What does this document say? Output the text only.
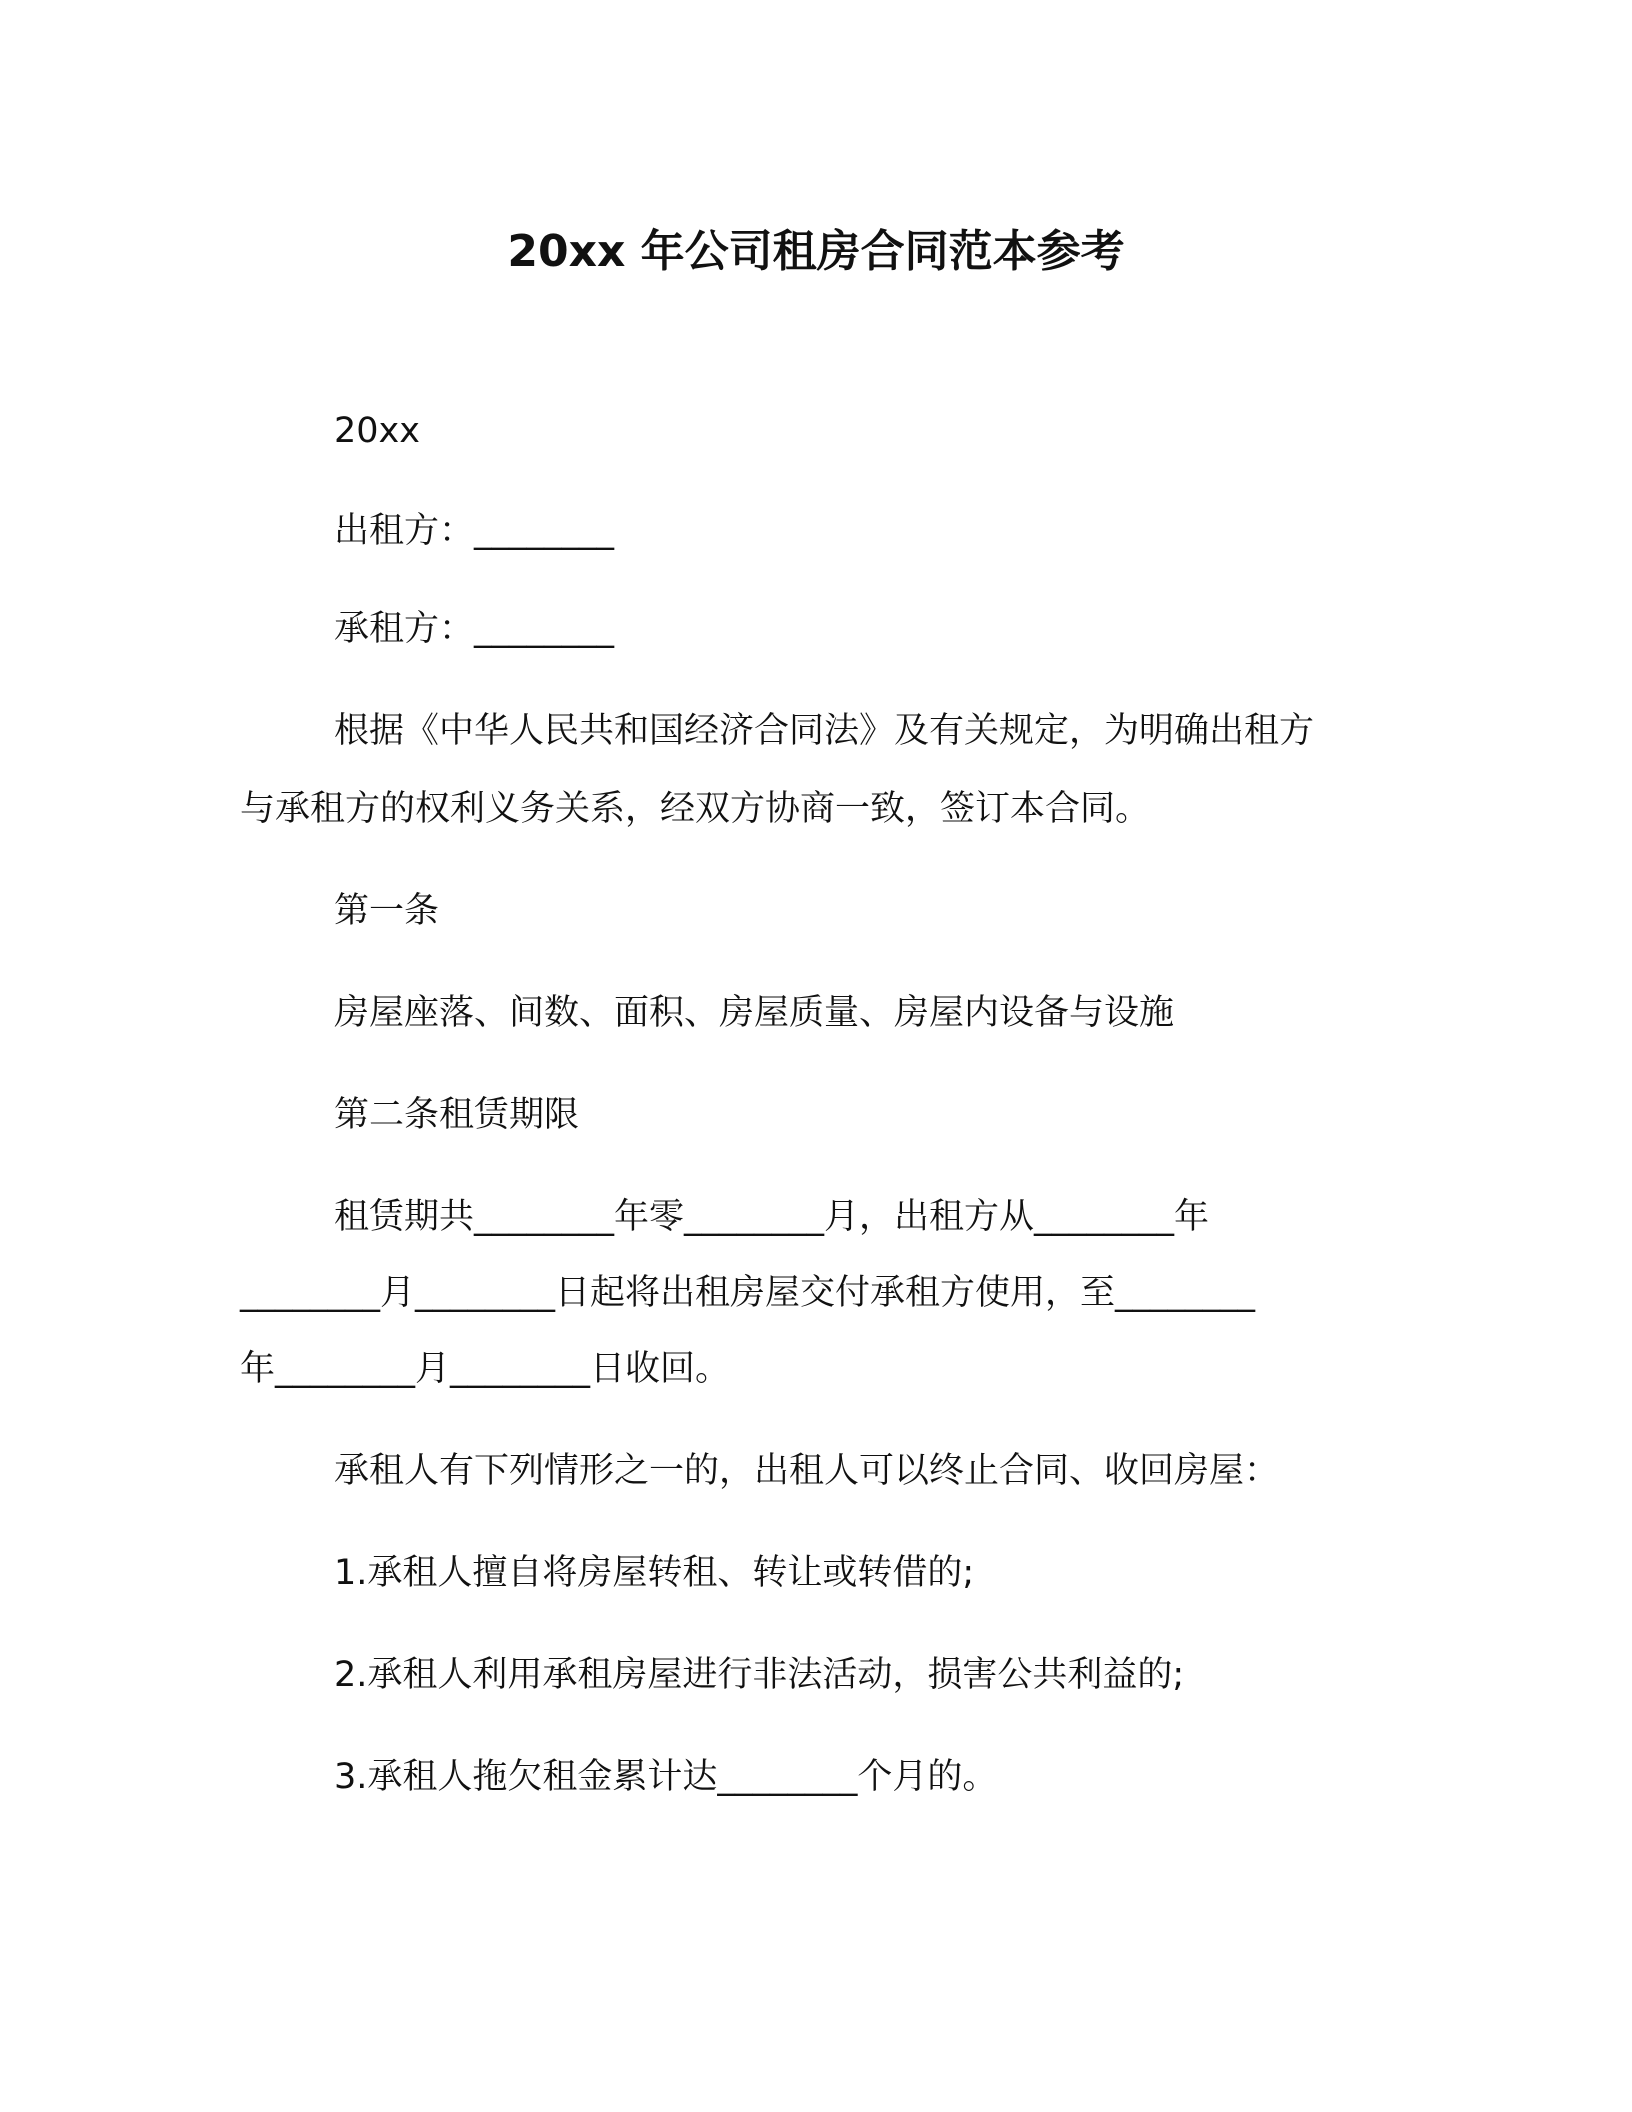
20xx 年公司租房合同范本参考
20xx
出租方：________
承租方：________
根据《中华人民共和国经济合同法》及有关规定，为明确出租方
与承租方的权利义务关系，经双方协商一致，签订本合同。
第一条
房屋座落、间数、面积、房屋质量、房屋内设备与设施
第二条租赁期限
租赁期共________年零________月，出租方从________年
________月________日起将出租房屋交付承租方使用，至________
年________月________日收回。
承租人有下列情形之一的，出租人可以终止合同、收回房屋：
1.承租人擅自将房屋转租、转让或转借的;
2.承租人利用承租房屋进行非法活动，损害公共利益的;
3.承租人拖欠租金累计达________个月的。
